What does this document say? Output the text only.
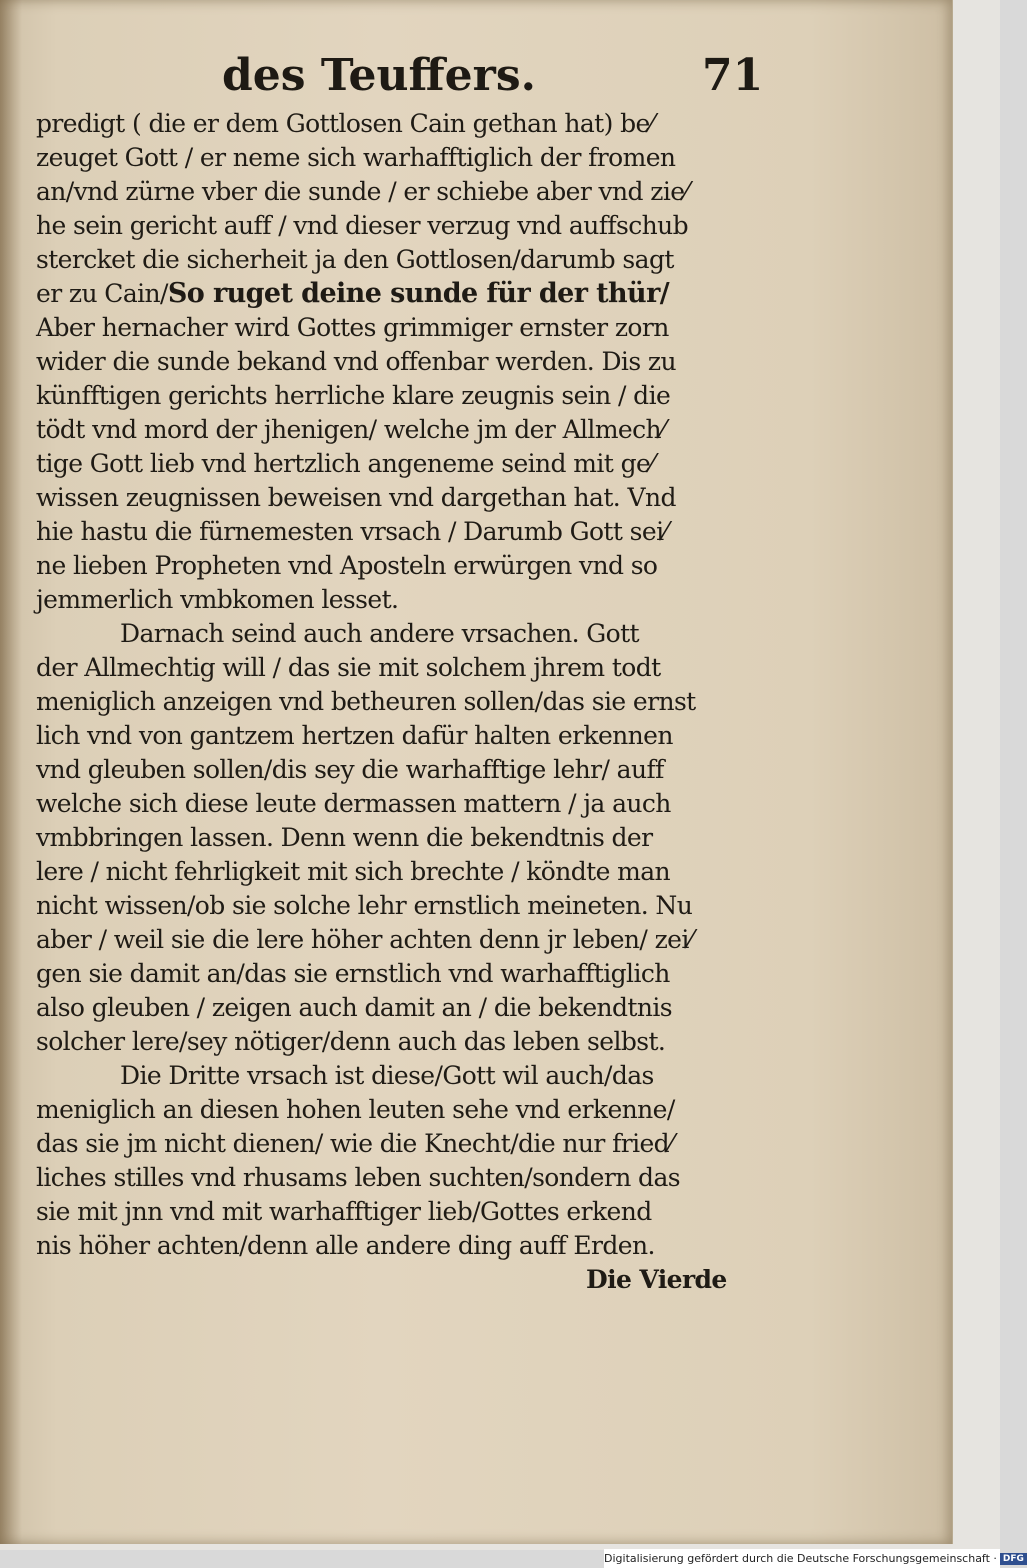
des Teuffers.	71
predigt ( die er dem Gottlosen Cain gethan hat) be⁄
zeuget Gott / er neme sich warhafftiglich der fromen
an/vnd zürne vber die sunde / er schiebe aber vnd zie⁄
he sein gericht auff / vnd dieser verzug vnd auffschub
stercket die sicherheit ja den Gottlosen/darumb sagt
er zu Cain/So ruget deine sunde für der thür/
Aber hernacher wird Gottes grimmiger ernster zorn
wider die sunde bekand vnd offenbar werden. Dis zu
künfftigen gerichts herrliche klare zeugnis sein / die
tödt vnd mord der jhenigen/ welche jm der Allmech⁄
tige Gott lieb vnd hertzlich angeneme seind mit ge⁄
wissen zeugnissen beweisen vnd dargethan hat. Vnd
hie hastu die fürnemesten vrsach / Darumb Gott sei⁄
ne lieben Propheten vnd Aposteln erwürgen vnd so
jemmerlich vmbkomen lesset.
Darnach seind auch andere vrsachen. Gott
der Allmechtig will / das sie mit solchem jhrem todt
meniglich anzeigen vnd betheuren sollen/das sie ernst
lich vnd von gantzem hertzen dafür halten erkennen
vnd gleuben sollen/dis sey die warhafftige lehr/ auff
welche sich diese leute dermassen mattern / ja auch
vmbbringen lassen. Denn wenn die bekendtnis der
lere / nicht fehrligkeit mit sich brechte / köndte man
nicht wissen/ob sie solche lehr ernstlich meineten. Nu
aber / weil sie die lere höher achten denn jr leben/ zei⁄
gen sie damit an/das sie ernstlich vnd warhafftiglich
also gleuben / zeigen auch damit an / die bekendtnis
solcher lere/sey nötiger/denn auch das leben selbst.
Die Dritte vrsach ist diese/Gott wil auch/das
meniglich an diesen hohen leuten sehe vnd erkenne/
das sie jm nicht dienen/ wie die Knecht/die nur fried⁄
liches stilles vnd rhusams leben suchten/sondern das
sie mit jnn vnd mit warhafftiger lieb/Gottes erkend
nis höher achten/denn alle andere ding auff Erden.
Die Vierde
Digitalisierung gefördert durch die Deutsche Forschungsgemeinschaft · DFG
